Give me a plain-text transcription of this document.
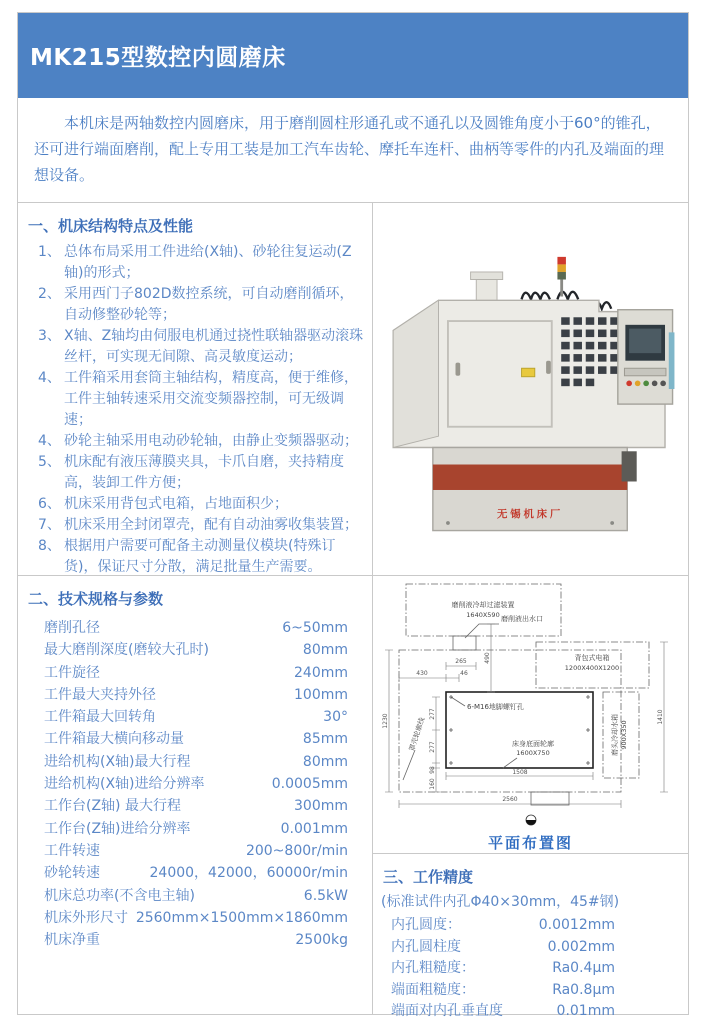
MK215型数控内圆磨床

本机床是两轴数控内圆磨床，用于磨削圆柱形通孔或不通孔以及圆锥角度小于60°的锥孔，还可进行端面磨削，配上专用工装是加工汽车齿轮、摩托车连杆、曲柄等零件的内孔及端面的理想设备。

一、机床结构特点及性能
1、 总体布局采用工件进给(X轴)、砂轮往复运动(Z轴)的形式；
2、 采用西门子802D数控系统，可自动磨削循环，自动修整砂轮等；
3、 X轴、Z轴均由伺服电机通过挠性联轴器驱动滚珠丝杆，可实现无间隙、高灵敏度运动；
4、 工件箱采用套筒主轴结构，精度高，便于维修，工件主轴转速采用交流变频器控制，可无级调速；
4、 砂轮主轴采用电动砂轮轴，由静止变频器驱动；
5、 机床配有液压薄膜夹具，卡爪自磨，夹持精度高，装卸工件方便；
6、 机床采用背包式电箱，占地面积少；
7、 机床采用全封闭罩壳，配有自动油雾收集装置；
8、 根据用户需要可配备主动测量仪模块(特殊订货)，保证尺寸分散，满足批量生产需要。
无锡机床厂
二、技术规格与参数
磨削孔径	6~50mm
最大磨削深度(磨较大孔时)	80mm
工件旋径	240mm
工件最大夹持外径	100mm
工件箱最大回转角	30°
工件箱最大横向移动量	85mm
进给机构(X轴)最大行程	80mm
进给机构(X轴)进给分辨率	0.0005mm
工作台(Z轴) 最大行程	300mm
工作台(Z轴)进给分辨率	0.001mm
工件转速	200~800r/min
砂轮转速	24000，42000，60000r/min
机床总功率(不含电主轴)	6.5kW
机床外形尺寸 2560mm×1500mm×1860mm
机床净重	2500kg
磨削液冷却过滤装置
1640X590 磨削液出水口
背包式电箱
1200X400X1200
磨头冷却水箱 900X350
6-M16地脚螺钉孔
床身底面轮廓
1600X750
罩壳轮廓线
430
265
46
490
1230	277
277
98
160
1508
2560
1410
平面布置图
三、工作精度

(标准试件内孔Φ40×30mm，45#钢)

内孔圆度：	0.0012mm
内孔圆柱度	0.002mm
内孔粗糙度：	Ra0.4μm
端面粗糙度：	Ra0.8μm
端面对内孔垂直度	0.01mm
